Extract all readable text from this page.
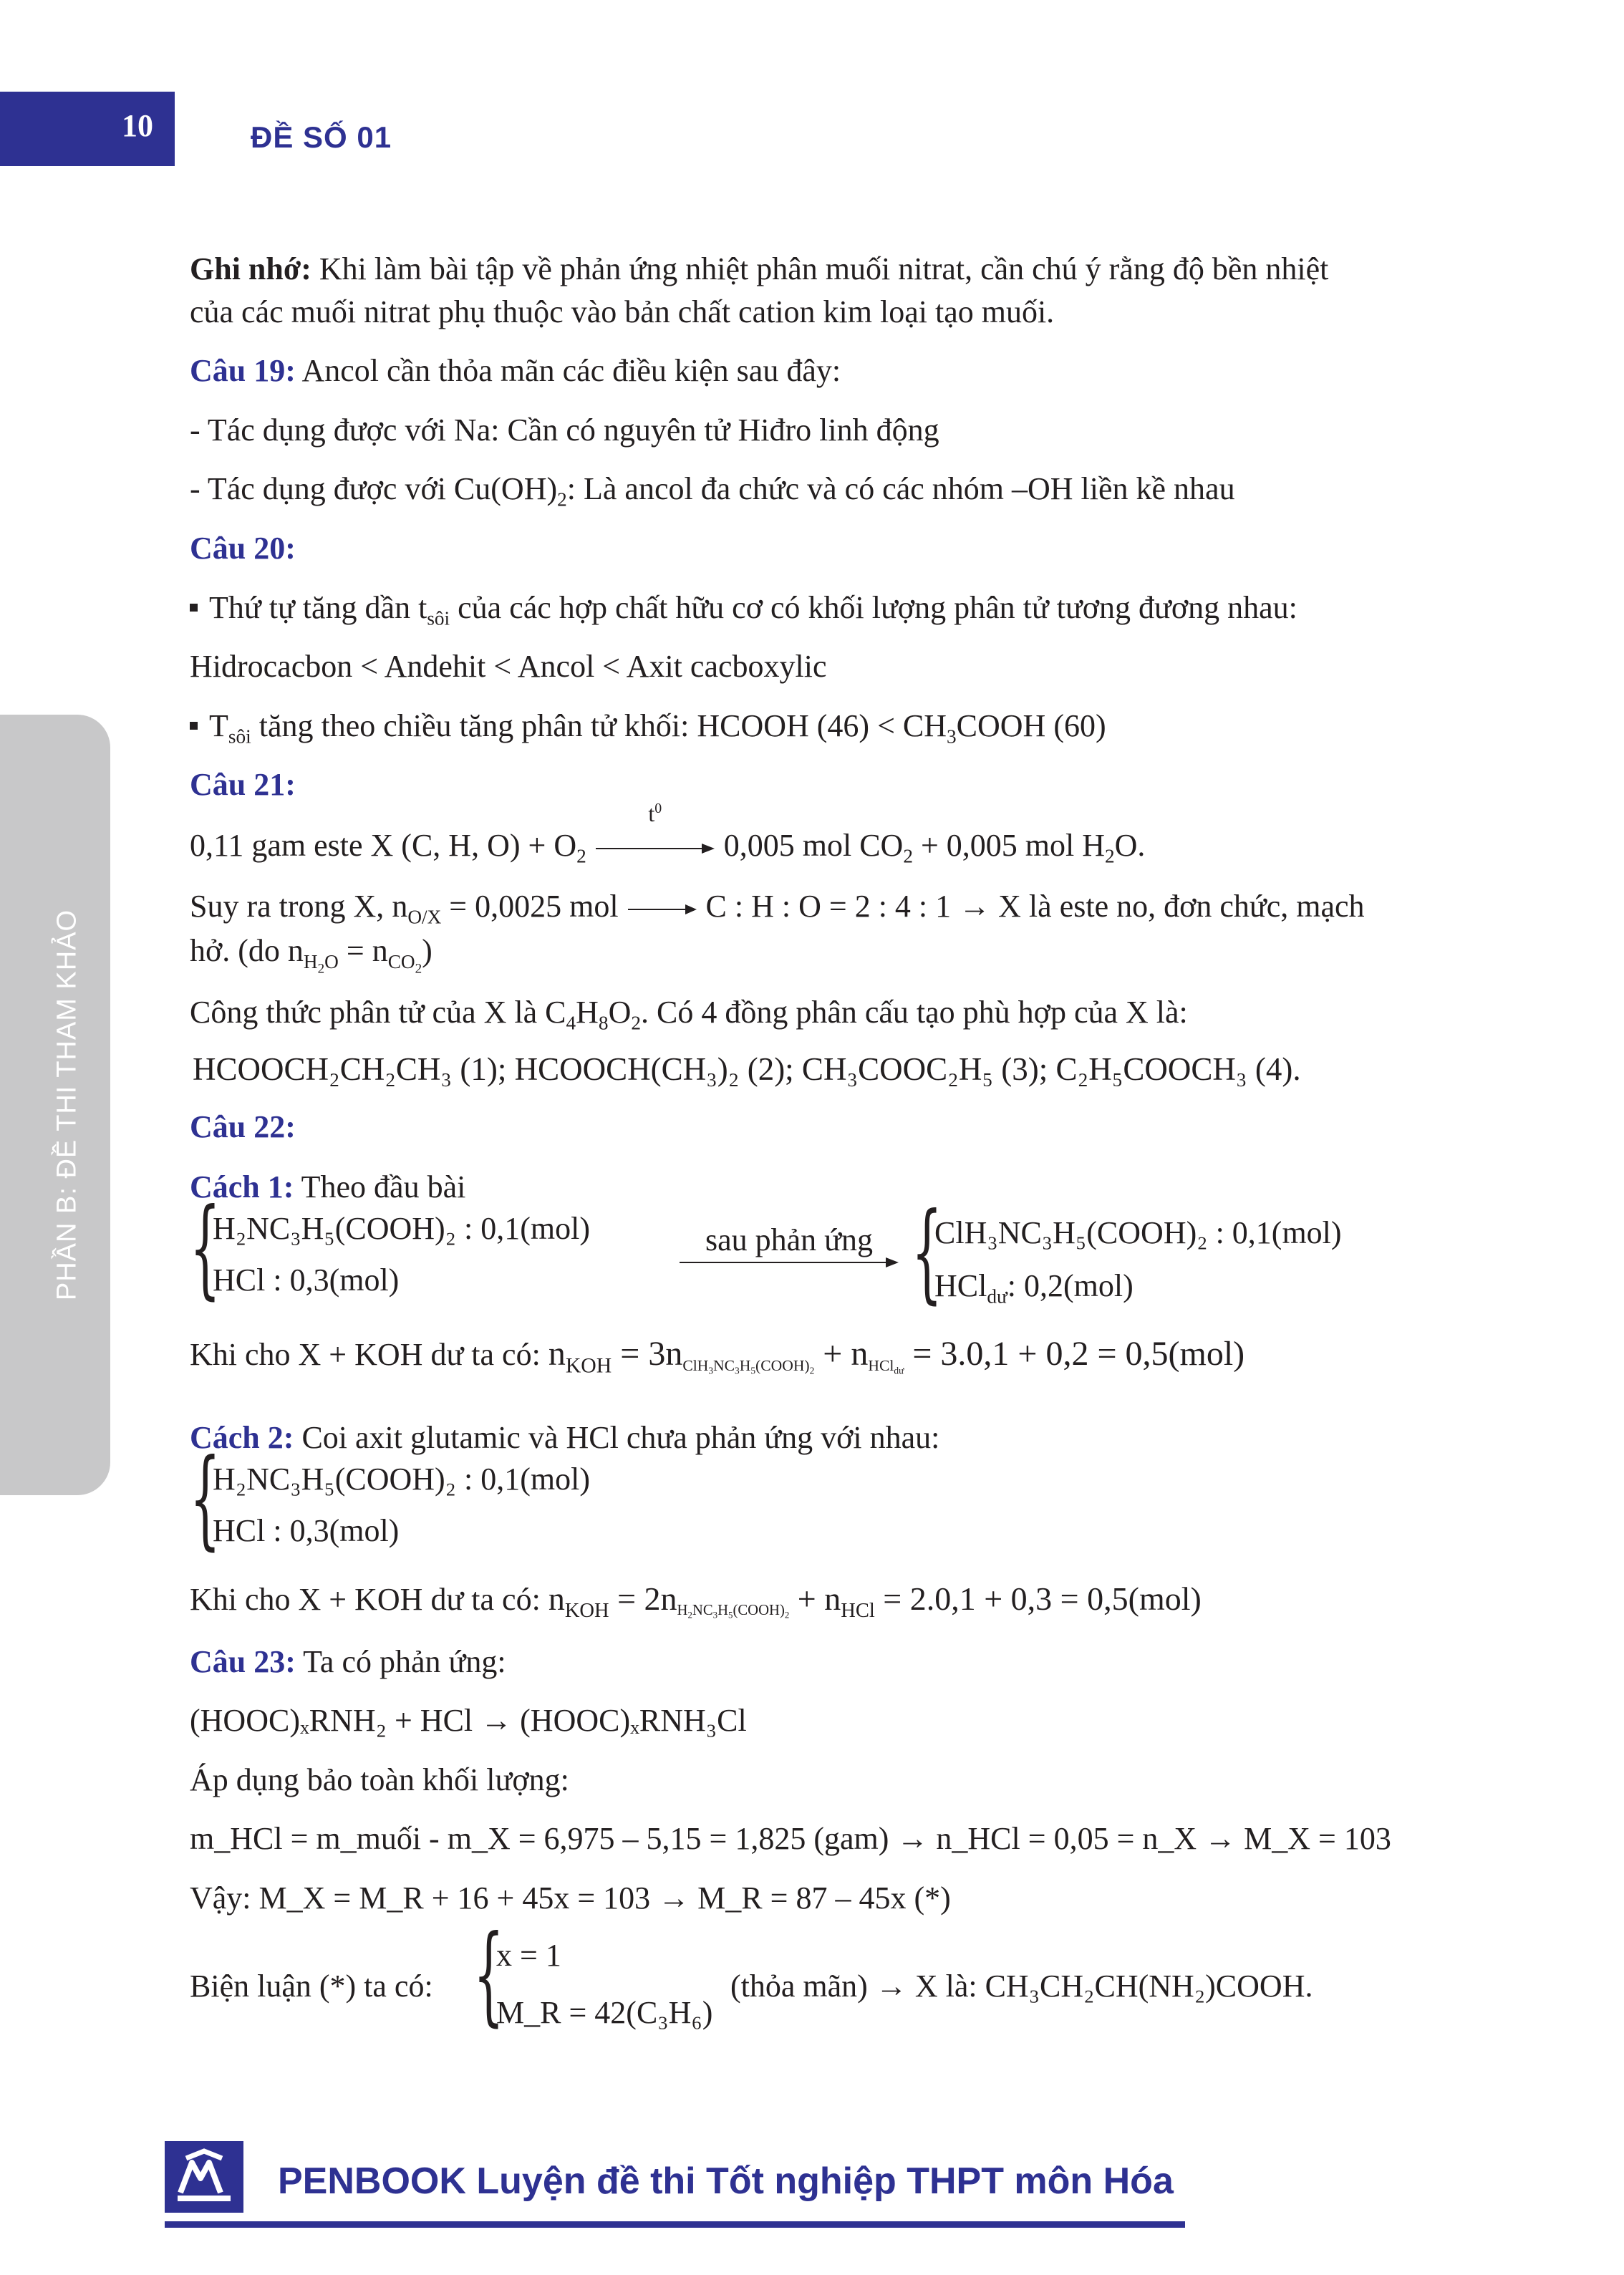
10	ĐỀ SỐ 01
PHẦN B: ĐỀ THI THAM KHẢO
Ghi nhớ: Khi làm bài tập về phản ứng nhiệt phân muối nitrat, cần chú ý rằng độ bền nhiệt
của các muối nitrat phụ thuộc vào bản chất cation kim loại tạo muối.
Câu 19: Ancol cần thỏa mãn các điều kiện sau đây:
- Tác dụng được với Na: Cần có nguyên tử Hiđro linh động
- Tác dụng được với $Cu(OH)_2$: Là ancol đa chức và có các nhóm –OH liền kề nhau
Câu 20:
Thứ tự tăng dần $t_{sôi}$ của các hợp chất hữu cơ có khối lượng phân tử tương đương nhau:
Hidrocacbon < Andehit < Ancol < Axit cacboxylic
$T_{sôi}$ tăng theo chiều tăng phân tử khối: HCOOH $(46) < CH_3COOH$ (60)
Câu 21:
0,11 gam este X (C, H, $O) + O_2$
$t^0$
0,005 mol $CO_2 + 0,005$ mol $H_2O$.
Suy ra trong X, $n_{O/X} = 0,0025$ mol	C : H : O = 2 : 4 : 1 → X là este no, đơn chức, mạch
hở. (do $n_{H_2O} = n_{CO_2}$)
Công thức phân tử của X là $C_4H_8O_2$. Có 4 đồng phân cấu tạo phù hợp của X là:
HCOOCH₂CH₂CH₃ (1); HCOOCH(CH₃)₂ (2); CH₃COOC₂H₅ (3); C₂H₅COOCH₃ (4).
Câu 22:
Cách 1: Theo đầu bài
{
H₂NC₃H₅(COOH)₂ : 0,1(mol)
HCl : 0,3(mol)
sau phản ứng {
ClH₃NC₃H₅(COOH)₂ : 0,1(mol)
HCl$_{dư}$: 0,2(mol)
Khi cho X + KOH dư ta có: $n_{KOH} = 3n_{ClH_3NC_3H_5(COOH)_2} + n_{HCl_{dư}} = 3.0,1 + 0,2 = 0,5(mol)$
Cách 2: Coi axit glutamic và HCl chưa phản ứng với nhau:
{
H₂NC₃H₅(COOH)₂ : 0,1(mol)
HCl : 0,3(mol)
Khi cho X + KOH dư ta có: $n_{KOH} = 2n_{H_2NC_3H_5(COOH)_2} + n_{HCl} = 2.0,1 + 0,3 = 0,5(mol)$
Câu 23: Ta có phản ứng:
(HOOC)ₓRNH₂ + HCl → (HOOC)ₓRNH₃Cl
Áp dụng bảo toàn khối lượng:
m_HCl = m_muối - m_X = 6,975 – 5,15 = 1,825 (gam) → n_HCl = 0,05 = n_X → M_X = 103
Vậy: M_X = M_R + 16 + 45x = 103 → M_R = 87 – 45x (*)
Biện luận (*) ta có: {
x = 1
M_R = 42(C₃H₆)
(thỏa mãn) → X là: CH₃CH₂CH(NH₂)COOH.
PENBOOK Luyện đề thi Tốt nghiệp THPT môn Hóa
